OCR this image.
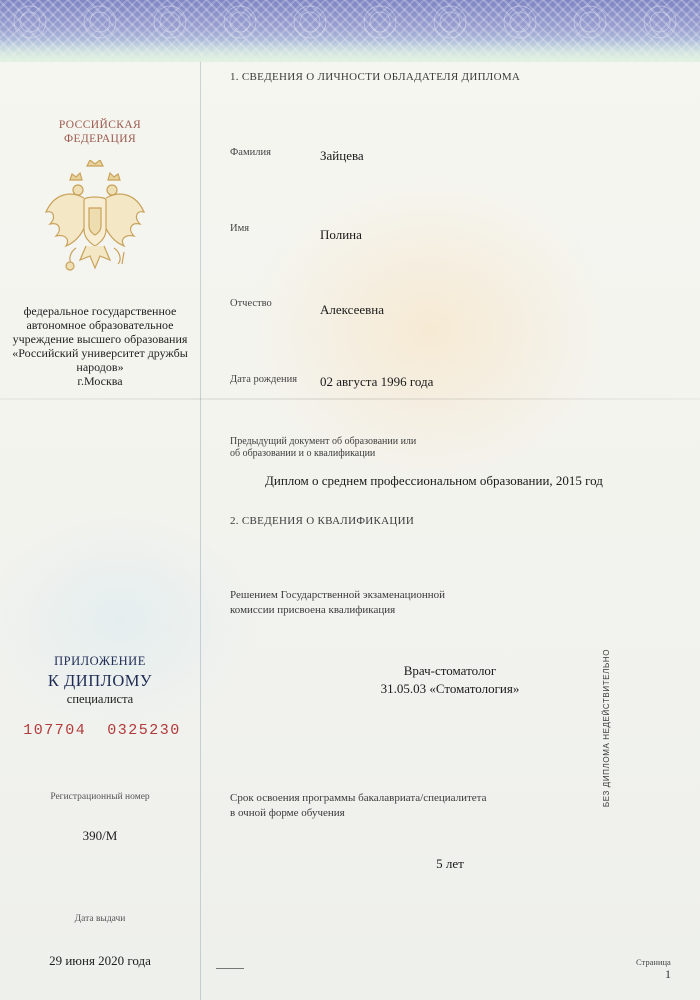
РОССИЙСКАЯ ФЕДЕРАЦИЯ
федеральное государственное
автономное образовательное
учреждение высшего образования
«Российский университет дружбы
народов»
г.Москва
ПРИЛОЖЕНИЕ
К ДИПЛОМУ
специалиста
107704  0325230
Регистрационный номер
390/М
Дата выдачи
29 июня 2020 года
1. СВЕДЕНИЯ О ЛИЧНОСТИ ОБЛАДАТЕЛЯ ДИПЛОМА
Фамилия	Зайцева
Имя	Полина
Отчество	Алексеевна
Дата рождения 02 августа 1996 года
Предыдущий документ об образовании или
об образовании и о квалификации
Диплом о среднем профессиональном образовании, 2015 год
2. СВЕДЕНИЯ О КВАЛИФИКАЦИИ
Решением Государственной экзаменационной
комиссии присвоена квалификация
Врач-стоматолог
31.05.03 «Стоматология»
Срок освоения программы бакалавриата/специалитета
в очной форме обучения
5 лет
БЕЗ ДИПЛОМА НЕДЕЙСТВИТЕЛЬНО
Страница
1
